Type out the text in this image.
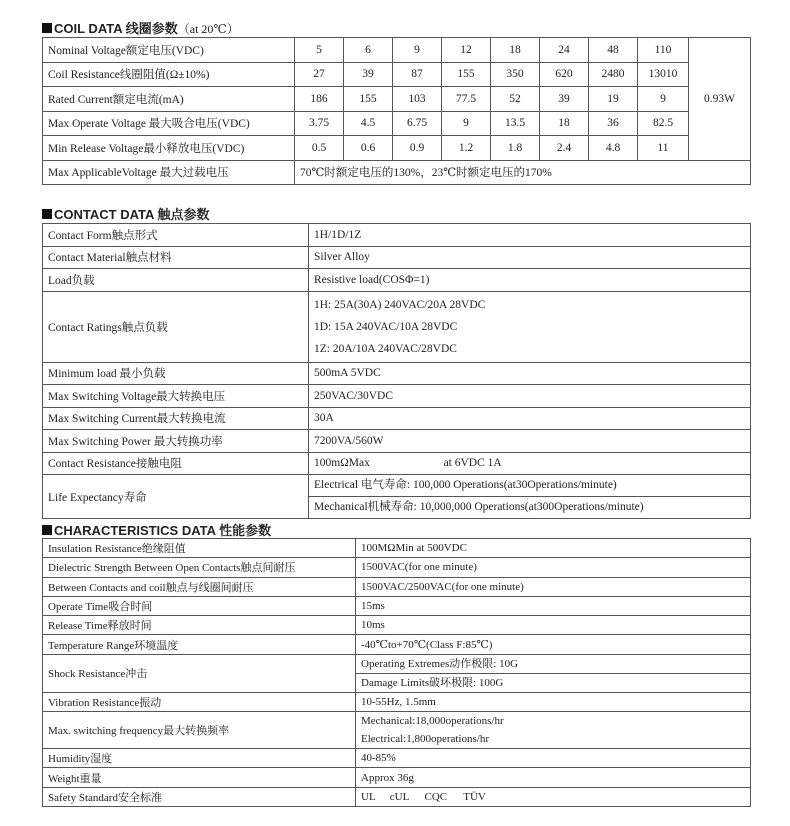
COIL DATA 线圈参数（at 20℃）
Nominal Voltage额定电压(VDC)	5	6	9	12	18	24	48	110	0.93W
Coil Resistance线圈阻值(Ω±10%)	27	39	87	155	350	620	2480	13010	
Rated Current额定电流(mA)	186	155	103	77.5	52	39	19	9	
Max Operate Voltage 最大吸合电压(VDC)	3.75	4.5	6.75	9	13.5	18	36	82.5	
Min Release Voltage最小释放电压(VDC)	0.5	0.6	0.9	1.2	1.8	2.4	4.8	11	
Max ApplicableVoltage 最大过载电压	70℃时额定电压的130%，23℃时额定电压的170%								
CONTACT DATA 触点参数
Contact Form触点形式	1H/1D/1Z
Contact Material触点材料	Silver Alloy
Load负载	Resistive load(COSΦ=1)
Contact Ratings触点负载	1H: 25A(30A) 240VAC/20A 28VDC
1D: 15A 240VAC/10A 28VDC
1Z: 20A/10A 240VAC/28VDC

Minimum load 最小负载	500mA 5VDC
Max Switching Voltage最大转换电压	250VAC/30VDC
Max Switching Current最大转换电流	30A
Max Switching Power 最大转换功率	7200VA/560W
Contact Resistance接触电阻	100mΩMax at 6VDC 1A
Life Expectancy寿命	Electrical 电气寿命: 100,000 Operations(at30Operations/minute)
Mechanical机械寿命: 10,000,000 Operations(at300Operations/minute)
CHARACTERISTICS DATA 性能参数
Insulation Resistance绝缘阻值	100MΩMin at 500VDC
Dielectric Strength Between Open Contacts触点间耐压	1500VAC(for one minute)
Between Contacts and coil触点与线圈间耐压	1500VAC/2500VAC(for one minute)
Operate Time吸合时间	15ms
Release Time释放时间	10ms
Temperature Range环境温度	-40℃to+70℃(Class F:85℃)
Shock Resistance冲击	Operating Extremes动作极限: 10G
Damage Limits破坏极限: 100G

Vibration Resistance振动	10-55Hz, 1.5mm
Max. switching frequency最大转换频率	Mechanical:18,000operations/hr
Electrical:1,800operations/hr

Humidity湿度	40-85%
Weight重量	Approx 36g
Safety Standard安全标准	UL cUL CQC TÜV
